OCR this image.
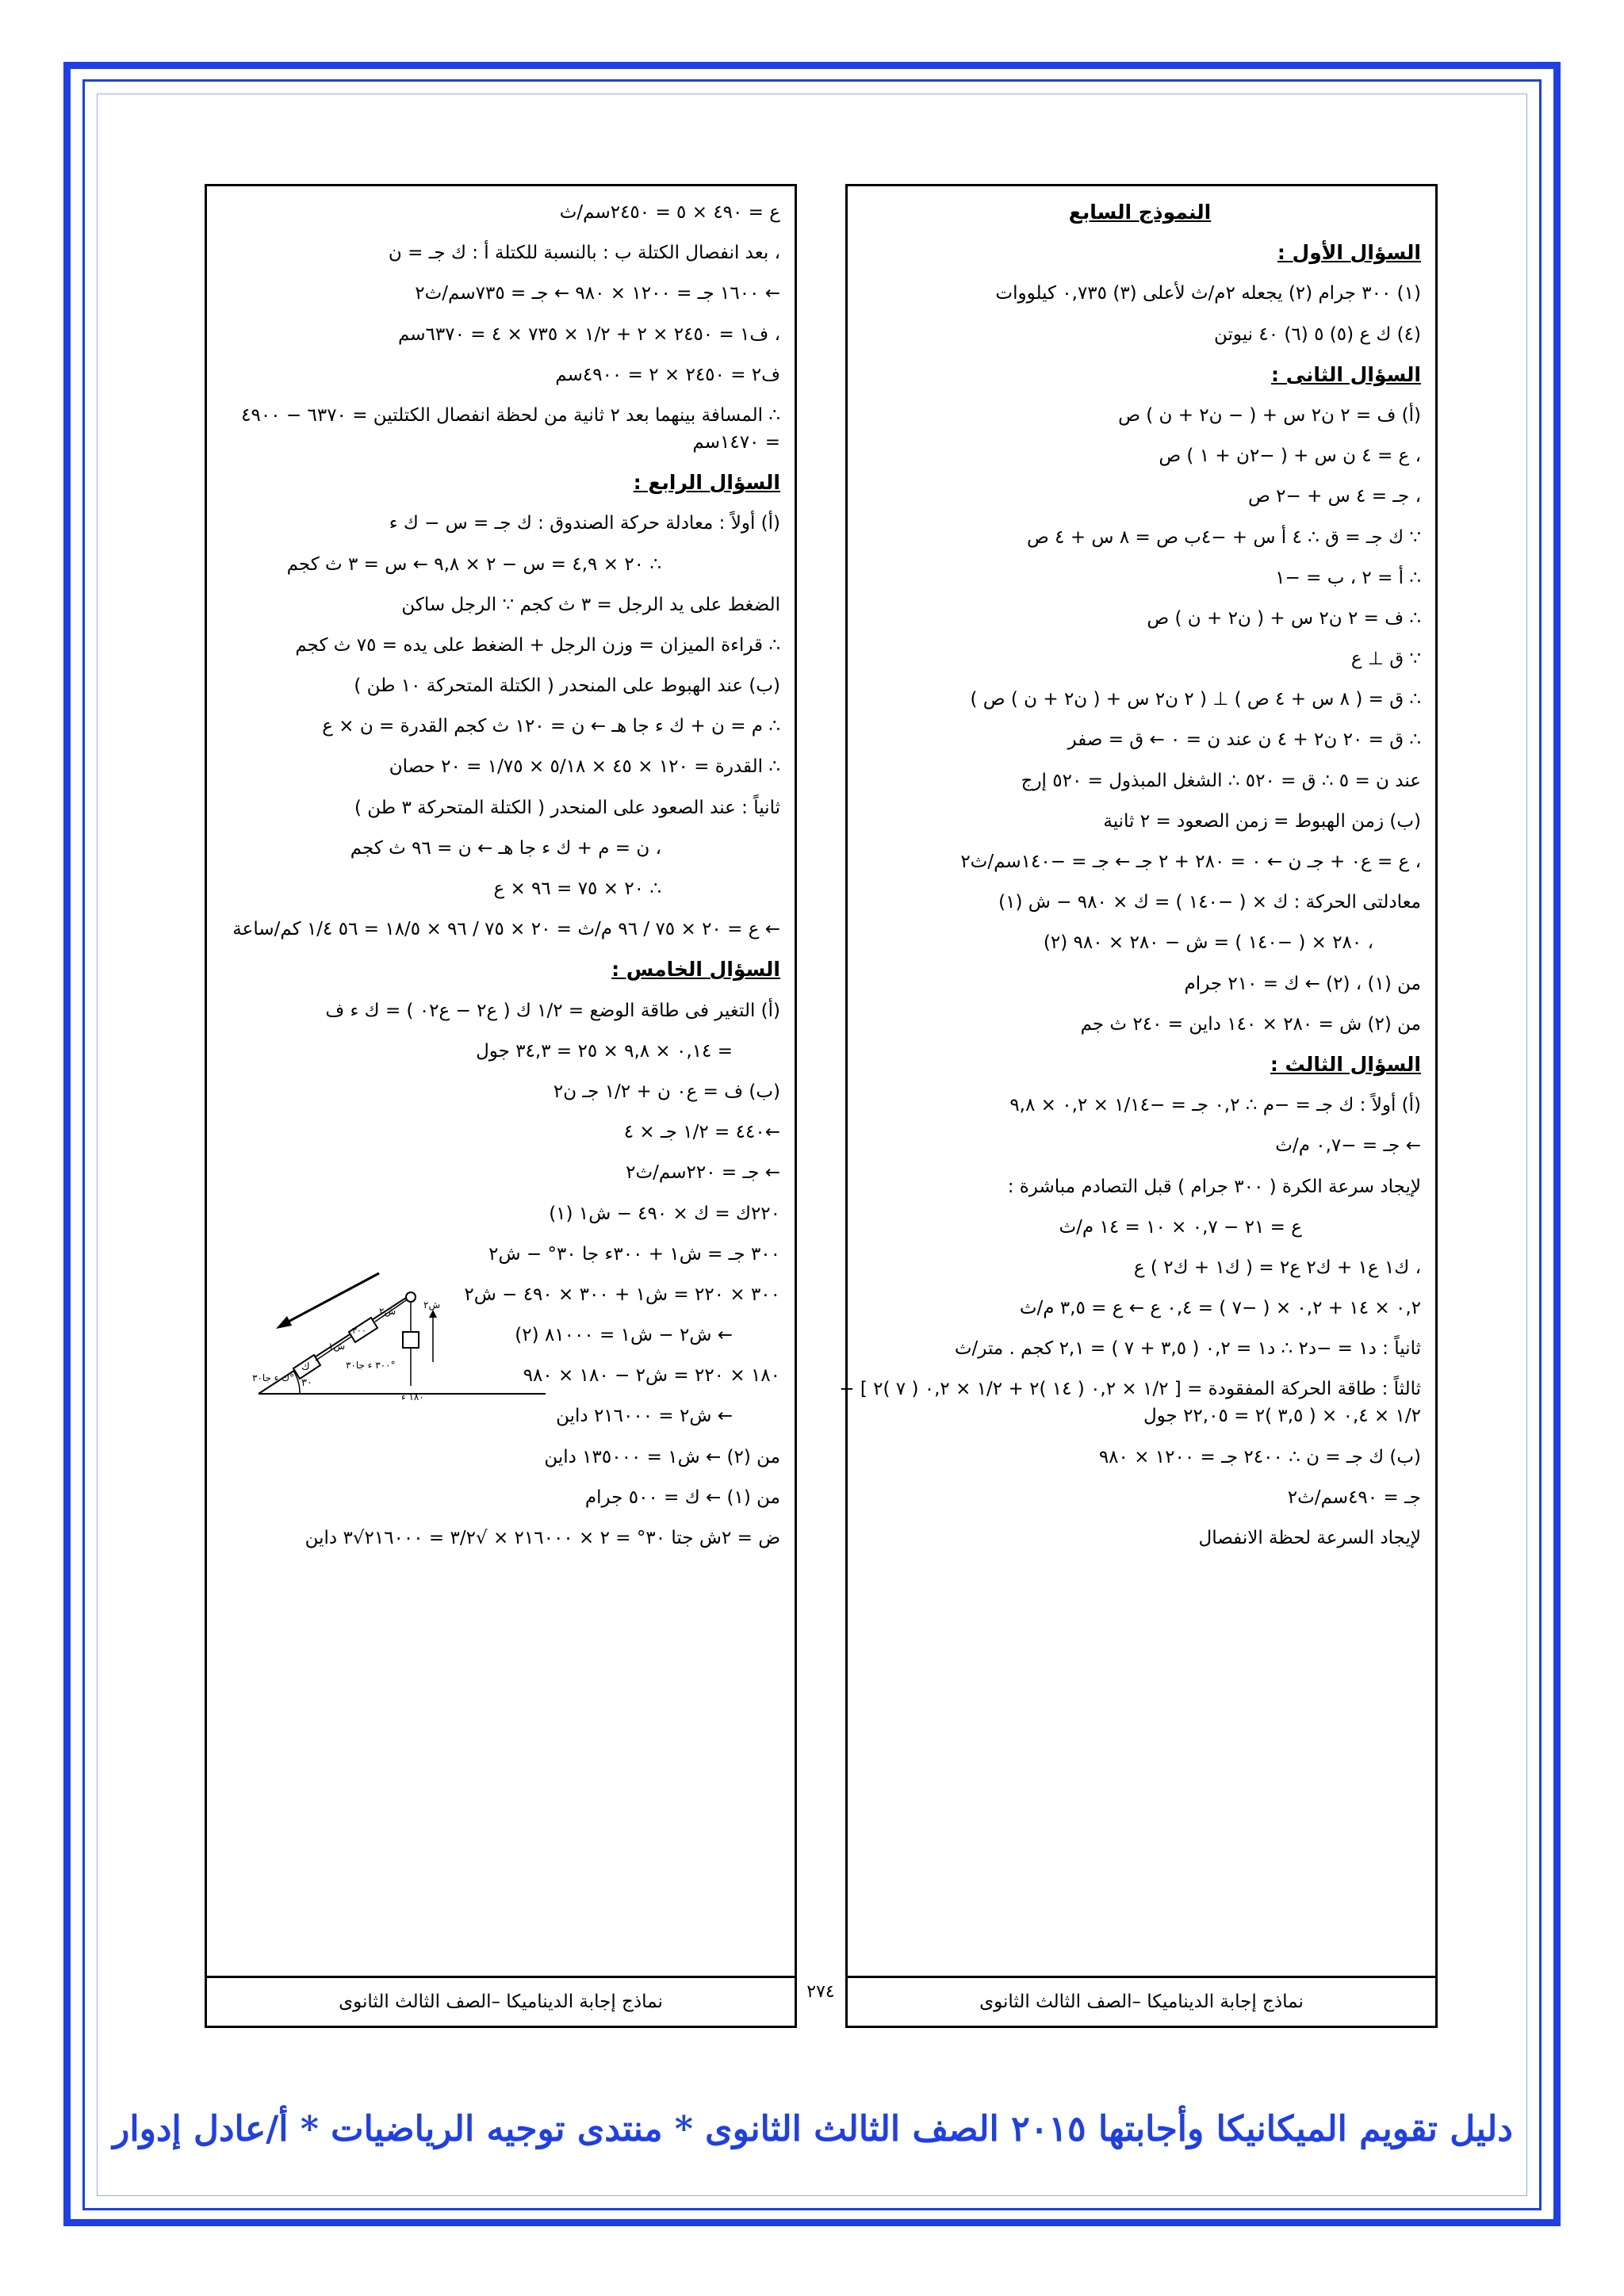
ع = ٤٩٠ × ٥ = ٢٤٥٠سم/ث
، بعد انفصال الكتلة ب : بالنسبة للكتلة أ : ك جـ = ن
← ١٦٠٠ جـ = ١٢٠٠ × ٩٨٠ ← جـ = ٧٣٥سم/ث٢
، ف١ = ٢٤٥٠ × ٢ + ١/٢ × ٧٣٥ × ٤ = ٦٣٧٠سم
ف٢ = ٢٤٥٠ × ٢ = ٤٩٠٠سم
∴ المسافة بينهما بعد ٢ ثانية من لحظة انفصال الكتلتين = ٦٣٧٠ − ٤٩٠٠
= ١٤٧٠سم
السؤال الرابع :
(أ) أولاً : معادلة حركة الصندوق : ك جـ = س − ك ء
∴ ٢٠ × ٤,٩ = س − ٢ × ٩,٨ ← س = ٣ ث كجم
الضغط على يد الرجل = ٣ ث كجم ∵ الرجل ساكن
∴ قراءة الميزان = وزن الرجل + الضغط على يده = ٧٥ ث كجم
(ب) عند الهبوط على المنحدر ( الكتلة المتحركة ١٠ طن )
∴ م = ن + ك ء جا هـ ← ن = ١٢٠ ث كجم القدرة = ن × ع
∴ القدرة = ١٢٠ × ٤٥ × ٥/١٨ × ١/٧٥ = ٢٠ حصان
ثانياً : عند الصعود على المنحدر ( الكتلة المتحركة ٣ طن )
، ن = م + ك ء جا هـ ← ن = ٩٦ ث كجم
∴ ٢٠ × ٧٥ = ٩٦ × ع
← ع = ٢٠ × ٧٥ / ٩٦ م/ث = ٢٠ × ٧٥ / ٩٦ × ١٨/٥ = ٥٦ ١/٤ كم/ساعة
السؤال الخامس :
(أ) التغير فى طاقة الوضع = ١/٢ ك ( ع٢ − ع٠٢ ) = ك ء ف
= ٠,١٤ × ٩,٨ × ٢٥ = ٣٤,٣ جول
(ب) ف = ع٠ ن + ١/٢ جـ ن٢
←٤٤٠ = ١/٢ جـ × ٤
← جـ = ٢٢٠سم/ث٢
٢٢٠ك = ك × ٤٩٠ − ش١ (١)
٣٠٠ جـ = ش١ + ٣٠٠ء جا ٣٠° − ش٢
٣٠٠ × ٢٢٠ = ش١ + ٣٠٠ × ٤٩٠ − ش٢
← ش٢ − ش١ = ٨١٠٠٠ (٢)
١٨٠ × ٢٢٠ = ش٢ − ١٨٠ × ٩٨٠
← ش٢ = ٢١٦٠٠٠ داين
من (٢) ← ش١ = ١٣٥٠٠٠ داين
من (١) ← ك = ٥٠٠ جرام
ض = ٢ش جتا ٣٠° = ٢ × ٢١٦٠٠٠ × √٣/٢ = ٢١٦٠٠٠√٣ داين
نماذج إجابة الديناميكا –الصف الثالث الثانوى
٣٠
ك
٣٠٠
١٨٠ ء
ش٢
ش١
ش٢
٣٠٠ ء جا٣٠°
ك ء جا٣٠°
النموذج السابع
السؤال الأول :
(١) ٣٠٠ جرام (٢) يجعله ٢م/ث لأعلى (٣) ٠,٧٣٥ كيلووات
(٤) ك ع (٥) ٥ (٦) ٤٠ نيوتن
السؤال الثانى :
(أ) ف = ٢ ن٢ س + ( − ن٢ + ن ) ص
، ع = ٤ ن س + ( −٢ن + ١ ) ص
، جـ = ٤ س + −٢ ص
∵ ك جـ = ق ∴ ٤ أ س + −٤ب ص = ٨ س + ٤ ص
∴ أ = ٢ ، ب = −١
∴ ف = ٢ ن٢ س + ( ن٢ + ن ) ص
∵ ق ⊥ ع
∴ ق = ( ٨ س + ٤ ص ) ⊥ ( ٢ ن٢ س + ( ن٢ + ن ) ص )
∴ ق = ٢٠ ن٢ + ٤ ن عند ن = ٠ ← ق = صفر
عند ن = ٥ ∴ ق = ٥٢٠ ∴ الشغل المبذول = ٥٢٠ إرج
(ب) زمن الهبوط = زمن الصعود = ٢ ثانية
، ع = ع٠ + جـ ن ← ٠ = ٢٨٠ + ٢ جـ ← جـ = −١٤٠سم/ث٢
معادلتى الحركة : ك × ( −١٤٠ ) = ك × ٩٨٠ − ش (١)
، ٢٨٠ × ( −١٤٠ ) = ش − ٢٨٠ × ٩٨٠ (٢)
من (١) ، (٢) ← ك = ٢١٠ جرام
من (٢) ش = ٢٨٠ × ١٤٠ داين = ٢٤٠ ث جم
السؤال الثالث :
(أ) أولاً : ك جـ = −م ∴ ٠,٢ جـ = −١/١٤ × ٠,٢ × ٩,٨
← جـ = −٠,٧ م/ث
لإيجاد سرعة الكرة ( ٣٠٠ جرام ) قبل التصادم مباشرة :
ع = ٢١ − ٠,٧ × ١٠ = ١٤ م/ث
، ك١ ع١ + ك٢ ع٢ = ( ك١ + ك٢ ) ع
٠,٢ × ١٤ + ٠,٢ × ( −٧ ) = ٠,٤ ع ← ع = ٣,٥ م/ث
ثانياً : د١ = −د٢ ∴ د١ = ٠,٢ ( ٣,٥ + ٧ ) = ٢,١ كجم . متر/ث
ثالثاً : طاقة الحركة المفقودة = [ ١/٢ × ٠,٢ ( ١٤ )٢ + ١/٢ × ٠,٢ ( ٧ )٢ ] −
١/٢ × ٠,٤ × ( ٣,٥ )٢ = ٢٢,٠٥ جول
(ب) ك جـ = ن ∴ ٢٤٠٠ جـ = ١٢٠٠ × ٩٨٠
جـ = ٤٩٠سم/ث٢
لإيجاد السرعة لحظة الانفصال
نماذج إجابة الديناميكا –الصف الثالث الثانوى
٢٧٤
دليل تقويم الميكانيكا وأجابتها ٢٠١٥ الصف الثالث الثانوى * منتدى توجيه الرياضيات * أ/عادل إدوار
